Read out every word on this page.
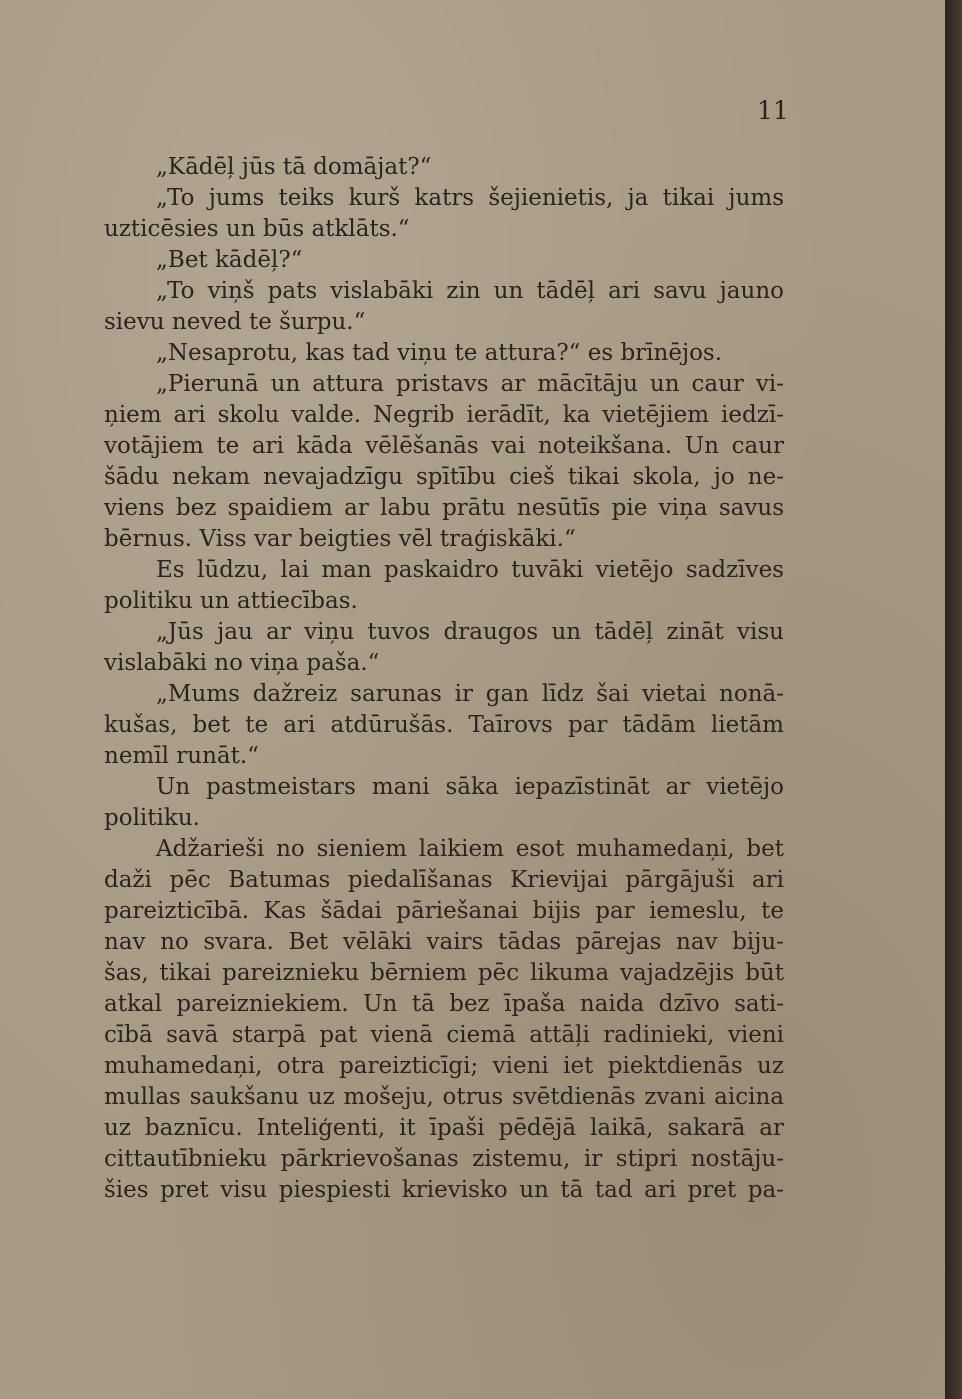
11
„Kādēļ jūs tā domājat?“
„To jums teiks kurš katrs šejienietis, ja tikai jums
uzticēsies un būs atklāts.“
„Bet kādēļ?“
„To viņš pats vislabāki zin un tādēļ ari savu jauno
sievu neved te šurpu.“
„Nesaprotu, kas tad viņu te attura?“ es brīnējos.
„Pierunā un attura pristavs ar mācītāju un caur vi-
ņiem ari skolu valde. Negrib ierādīt, ka vietējiem iedzī-
votājiem te ari kāda vēlēšanās vai noteikšana. Un caur
šādu nekam nevajadzīgu spītību cieš tikai skola, jo ne-
viens bez spaidiem ar labu prātu nesūtīs pie viņa savus
bērnus. Viss var beigties vēl traģiskāki.“
Es lūdzu, lai man paskaidro tuvāki vietējo sadzīves
politiku un attiecības.
„Jūs jau ar viņu tuvos draugos un tādēļ zināt visu
vislabāki no viņa paša.“
„Mums dažreiz sarunas ir gan līdz šai vietai nonā-
kušas, bet te ari atdūrušās. Taīrovs par tādām lietām
nemīl runāt.“
Un pastmeistars mani sāka iepazīstināt ar vietējo
politiku.
Adžarieši no sieniem laikiem esot muhamedaņi, bet
daži pēc Batumas piedalīšanas Krievijai pārgājuši ari
pareizticībā. Kas šādai pāriešanai bijis par iemeslu, te
nav no svara. Bet vēlāki vairs tādas pārejas nav biju-
šas, tikai pareiznieku bērniem pēc likuma vajadzējis būt
atkal pareizniekiem. Un tā bez īpaša naida dzīvo sati-
cībā savā starpā pat vienā ciemā attāļi radinieki, vieni
muhamedaņi, otra pareizticīgi; vieni iet piektdienās uz
mullas saukšanu uz mošeju, otrus svētdienās zvani aicina
uz baznīcu. Inteliģenti, it īpaši pēdējā laikā, sakarā ar
cittautībnieku pārkrievošanas zistemu, ir stipri nostāju-
šies pret visu piespiesti krievisko un tā tad ari pret pa-
